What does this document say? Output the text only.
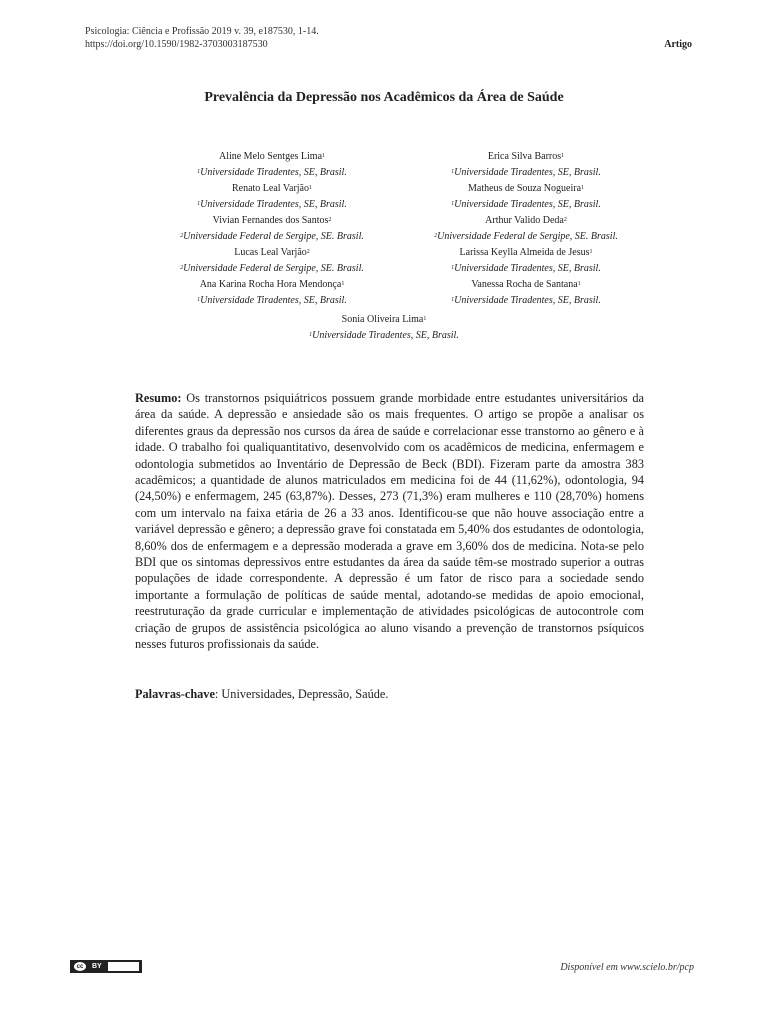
Psicologia: Ciência e Profissão 2019 v. 39, e187530, 1-14.
https://doi.org/10.1590/1982-3703003187530	Artigo
Prevalência da Depressão nos Acadêmicos da Área de Saúde
Aline Melo Sentges Lima$^1$
$^1$Universidade Tiradentes, SE, Brasil.
Renato Leal Varjão$^1$
$^1$Universidade Tiradentes, SE, Brasil.
Vivian Fernandes dos Santos$^2$
$^2$Universidade Federal de Sergipe, SE. Brasil.
Lucas Leal Varjão$^2$
$^2$Universidade Federal de Sergipe, SE. Brasil.
Ana Karina Rocha Hora Mendonça$^1$
$^1$Universidade Tiradentes, SE, Brasil.
Erica Silva Barros$^1$
$^1$Universidade Tiradentes, SE, Brasil.
Matheus de Souza Nogueira$^1$
$^1$Universidade Tiradentes, SE, Brasil.
Arthur Valido Deda$^2$
$^2$Universidade Federal de Sergipe, SE. Brasil.
Larissa Keylla Almeida de Jesus$^1$
$^1$Universidade Tiradentes, SE, Brasil.
Vanessa Rocha de Santana$^1$
$^1$Universidade Tiradentes, SE, Brasil.
Sonia Oliveira Lima$^1$
$^1$Universidade Tiradentes, SE, Brasil.
Resumo: Os transtornos psiquiátricos possuem grande morbidade entre estudantes universitários da área da saúde. A depressão e ansiedade são os mais frequentes. O artigo se propõe a analisar os diferentes graus da depressão nos cursos da área de saúde e correlacionar esse transtorno ao gênero e à idade. O trabalho foi qualiquantitativo, desenvolvido com os acadêmicos de medicina, enfermagem e odontologia submetidos ao Inventário de Depressão de Beck (BDI). Fizeram parte da amostra 383 acadêmicos; a quantidade de alunos matriculados em medicina foi de 44 (11,62%), odontologia, 94 (24,50%) e enfermagem, 245 (63,87%). Desses, 273 (71,3%) eram mulheres e 110 (28,70%) homens com um intervalo na faixa etária de 26 a 33 anos. Identificou-se que não houve associação entre a variável depressão e gênero; a depressão grave foi constatada em 5,40% dos estudantes de odontologia, 8,60% dos de enfermagem e a depressão moderada a grave em 3,60% dos de medicina. Nota-se pelo BDI que os sintomas depressivos entre estudantes da área da saúde têm-se mostrado superior a outras populações de idade correspondente. A depressão é um fator de risco para a sociedade sendo importante a formulação de políticas de saúde mental, adotando-se medidas de apoio emocional, reestruturação da grade curricular e implementação de atividades psicológicas de autocontrole com criação de grupos de assistência psicológica ao aluno visando a prevenção de transtornos psíquicos nesses futuros profissionais da saúde.
Palavras-chave: Universidades, Depressão, Saúde.
cc	BY	Disponível em www.scielo.br/pcp
